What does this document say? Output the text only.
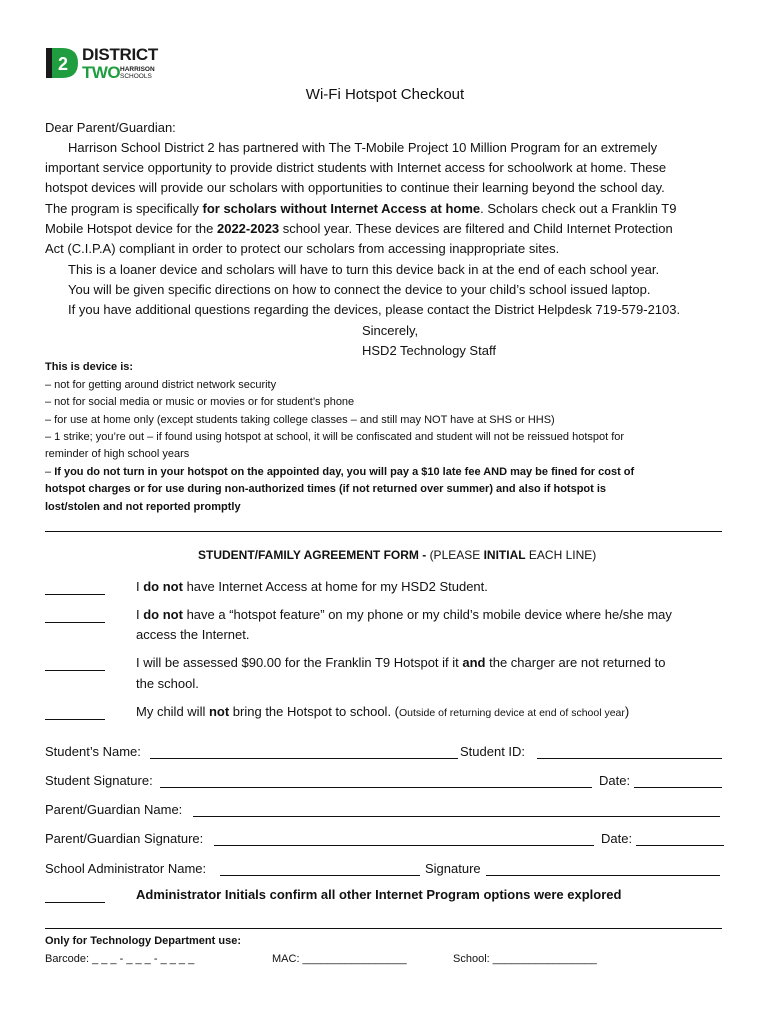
2 DISTRICT
TWO HARRISON
SCHOOLS
Wi-Fi Hotspot Checkout
Dear Parent/Guardian:
Harrison School District 2 has partnered with The T-Mobile Project 10 Million Program for an extremely
important service opportunity to provide district students with Internet access for schoolwork at home. These
hotspot devices will provide our scholars with opportunities to continue their learning beyond the school day.
The program is specifically for scholars without Internet Access at home. Scholars check out a Franklin T9
Mobile Hotspot device for the 2022-2023 school year. These devices are filtered and Child Internet Protection
Act (C.I.P.A) compliant in order to protect our scholars from accessing inappropriate sites.
This is a loaner device and scholars will have to turn this device back in at the end of each school year.
You will be given specific directions on how to connect the device to your child’s school issued laptop.
If you have additional questions regarding the devices, please contact the District Helpdesk 719-579-2103.
Sincerely,
HSD2 Technology Staff
This is device is:
– not for getting around district network security
– not for social media or music or movies or for student’s phone
– for use at home only (except students taking college classes – and still may NOT have at SHS or HHS)
– 1 strike; you’re out – if found using hotspot at school, it will be confiscated and student will not be reissued hotspot for
reminder of high school years
– If you do not turn in your hotspot on the appointed day, you will pay a $10 late fee AND may be fined for cost of
hotspot charges or for use during non-authorized times (if not returned over summer) and also if hotspot is
lost/stolen and not reported promptly
STUDENT/FAMILY AGREEMENT FORM - (PLEASE INITIAL EACH LINE)
I do not have Internet Access at home for my HSD2 Student.
I do not have a “hotspot feature” on my phone or my child’s mobile device where he/she may
access the Internet.
I will be assessed $90.00 for the Franklin T9 Hotspot if it and the charger are not returned to
the school.
My child will not bring the Hotspot to school. (Outside of returning device at end of school year)
Student’s Name:	Student ID:
Student Signature:	Date:
Parent/Guardian Name:
Parent/Guardian Signature:	Date:
School Administrator Name:	Signature
Administrator Initials confirm all other Internet Program options were explored
Only for Technology Department use:
Barcode: _ _ _ - _ _ _ - _ _ _ _	MAC: _________________	School: _________________
